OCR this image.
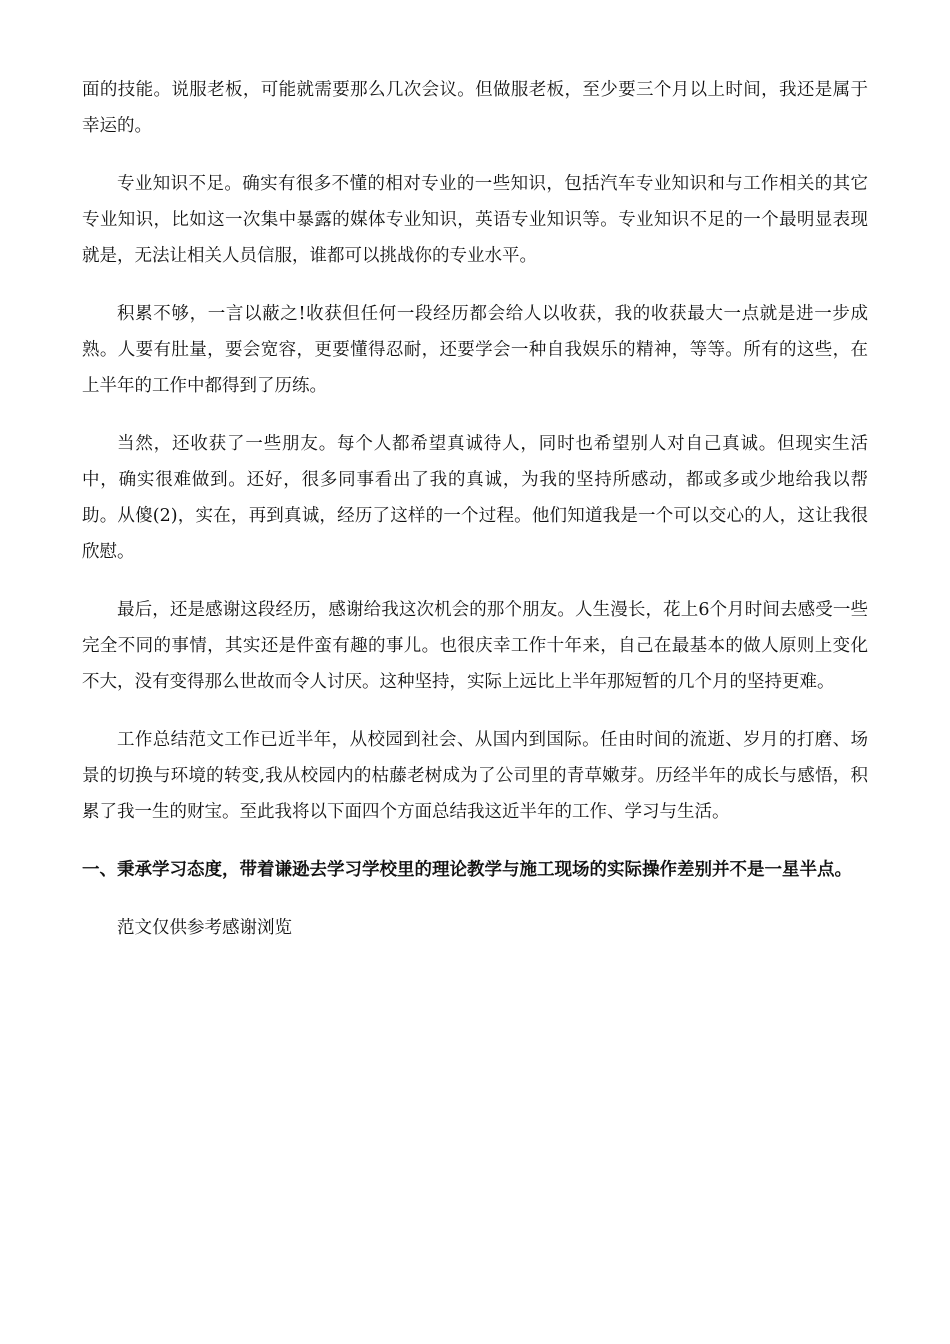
面的技能。说服老板，可能就需要那么几次会议。但做服老板，至少要三个月以上时间，我还是属于幸运的。

专业知识不足。确实有很多不懂的相对专业的一些知识，包括汽车专业知识和与工作相关的其它专业知识，比如这一次集中暴露的媒体专业知识，英语专业知识等。专业知识不足的一个最明显表现就是，无法让相关人员信服，谁都可以挑战你的专业水平。

积累不够，一言以蔽之!收获但任何一段经历都会给人以收获，我的收获最大一点就是进一步成熟。人要有肚量，要会宽容，更要懂得忍耐，还要学会一种自我娱乐的精神，等等。所有的这些，在上半年的工作中都得到了历练。

当然，还收获了一些朋友。每个人都希望真诚待人，同时也希望别人对自己真诚。但现实生活中，确实很难做到。还好，很多同事看出了我的真诚，为我的坚持所感动，都或多或少地给我以帮助。从傻(2)，实在，再到真诚，经历了这样的一个过程。他们知道我是一个可以交心的人，这让我很欣慰。

最后，还是感谢这段经历，感谢给我这次机会的那个朋友。人生漫长，花上6个月时间去感受一些完全不同的事情，其实还是件蛮有趣的事儿。也很庆幸工作十年来，自己在最基本的做人原则上变化不大，没有变得那么世故而令人讨厌。这种坚持，实际上远比上半年那短暂的几个月的坚持更难。

工作总结范文工作已近半年，从校园到社会、从国内到国际。任由时间的流逝、岁月的打磨、场景的切换与环境的转变,我从校园内的枯藤老树成为了公司里的青草嫩芽。历经半年的成长与感悟，积累了我一生的财宝。至此我将以下面四个方面总结我这近半年的工作、学习与生活。

一、秉承学习态度，带着谦逊去学习学校里的理论教学与施工现场的实际操作差别并不是一星半点。

范文仅供参考感谢浏览
